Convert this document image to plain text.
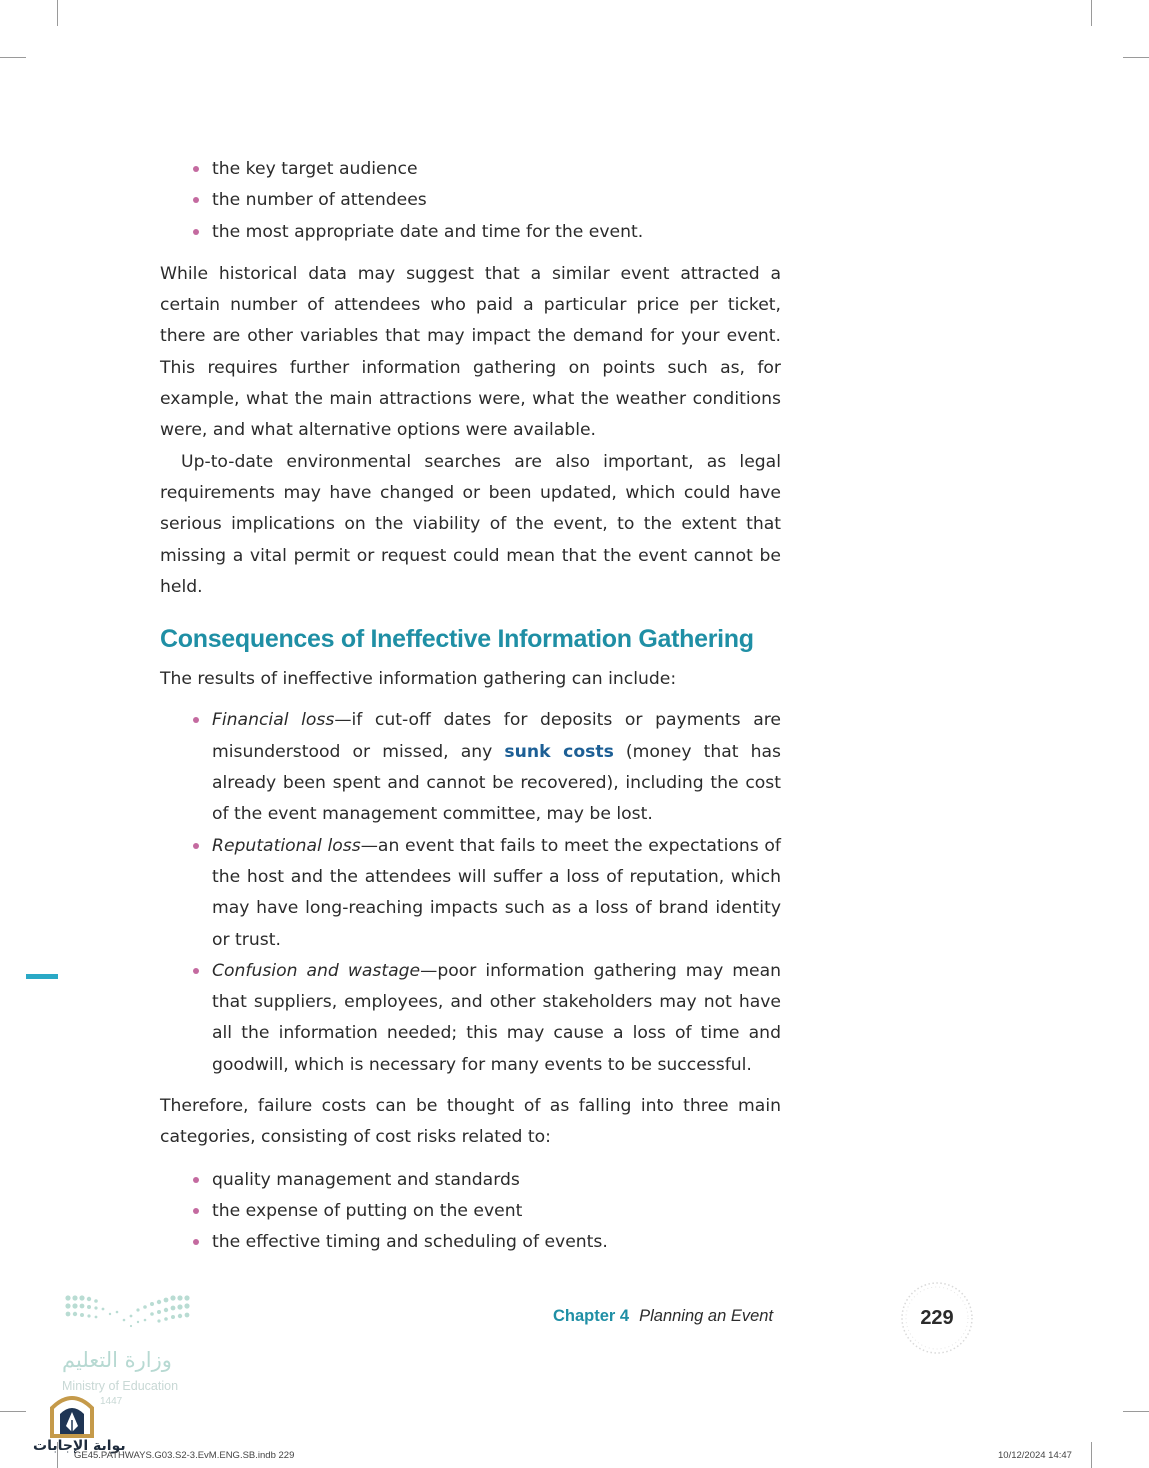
the key target audience
the number of attendees
the most appropriate date and time for the event.

While historical data may suggest that a similar event attracted a certain number of attendees who paid a particular price per ticket, there are other variables that may impact the demand for your event. This requires further information gathering on points such as, for example, what the main attractions were, what the weather conditions were, and what alternative options were available.

Up-to-date environmental searches are also important, as legal requirements may have changed or been updated, which could have serious implications on the viability of the event, to the extent that missing a vital permit or request could mean that the event cannot be held.

Consequences of Ineffective Information Gathering

The results of ineffective information gathering can include:

Financial loss—if cut-off dates for deposits or payments are misunderstood or missed, any sunk costs (money that has already been spent and cannot be recovered), including the cost of the event management committee, may be lost.
Reputational loss—an event that fails to meet the expectations of the host and the attendees will suffer a loss of reputation, which may have long-reaching impacts such as a loss of brand identity or trust.
Confusion and wastage—poor information gathering may mean that suppliers, employees, and other stakeholders may not have all the information needed; this may cause a loss of time and goodwill, which is necessary for many events to be successful.

Therefore, failure costs can be thought of as falling into three main categories, consisting of cost risks related to:

quality management and standards
the expense of putting on the event
the effective timing and scheduling of events.
Chapter 4 Planning an Event	229
وزارة التعليم
Ministry of Education
1447
بوابة الإجابات
GE45.PATHWAYS.G03.S2-3.EvM.ENG.SB.indb 229	10/12/2024 14:47
